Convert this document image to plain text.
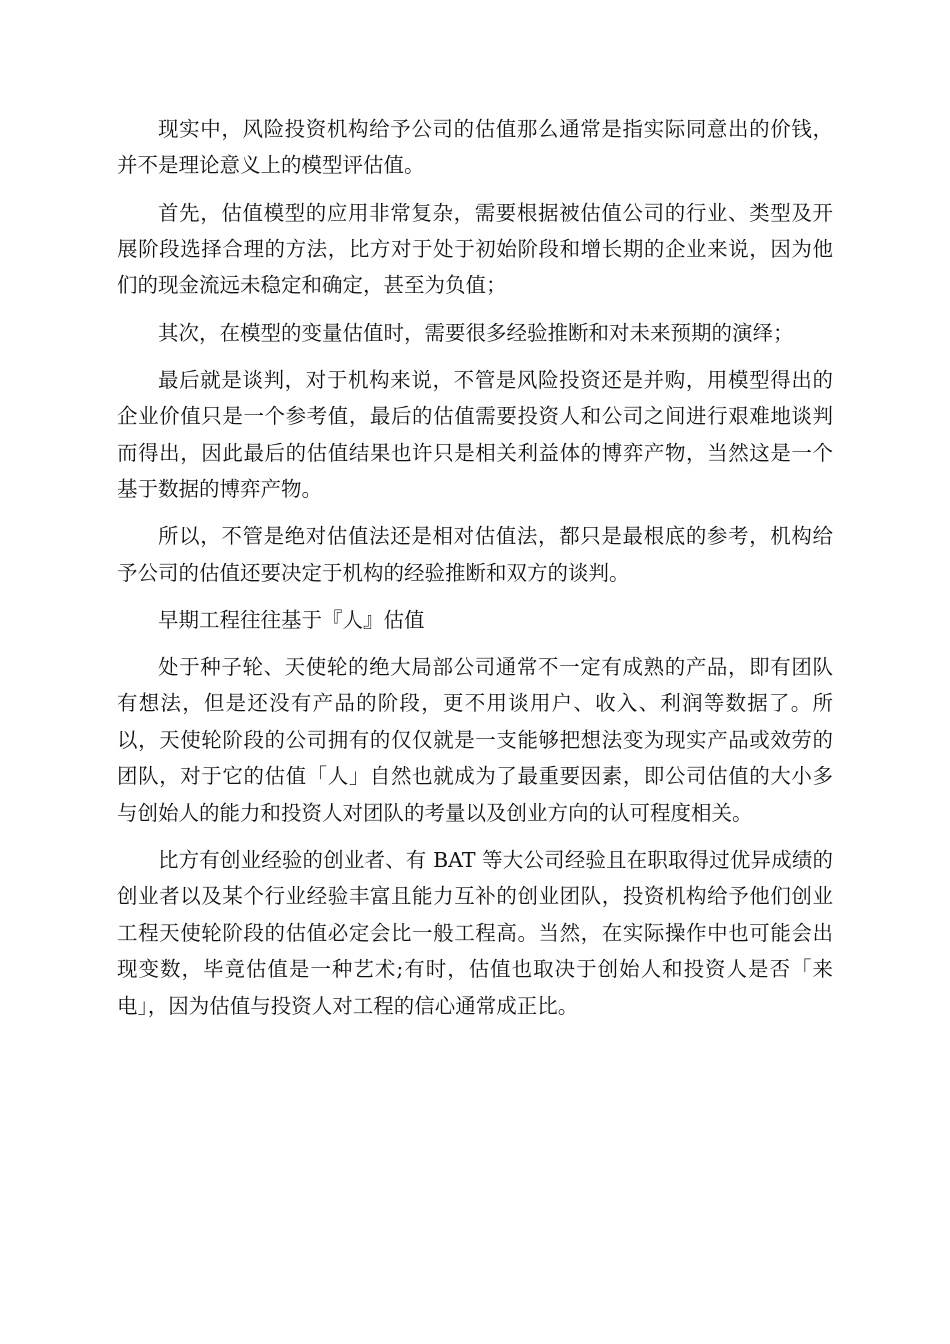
现实中，风险投资机构给予公司的估值那么通常是指实际同意出的价钱，并不是理论意义上的模型评估值。

首先，估值模型的应用非常复杂，需要根据被估值公司的行业、类型及开展阶段选择合理的方法，比方对于处于初始阶段和增长期的企业来说，因为他们的现金流远未稳定和确定，甚至为负值；

其次，在模型的变量估值时，需要很多经验推断和对未来预期的演绎；

最后就是谈判，对于机构来说，不管是风险投资还是并购，用模型得出的企业价值只是一个参考值，最后的估值需要投资人和公司之间进行艰难地谈判而得出，因此最后的估值结果也许只是相关利益体的博弈产物，当然这是一个基于数据的博弈产物。

所以，不管是绝对估值法还是相对估值法，都只是最根底的参考，机构给予公司的估值还要决定于机构的经验推断和双方的谈判。

早期工程往往基于『人』估值

处于种子轮、天使轮的绝大局部公司通常不一定有成熟的产品，即有团队有想法，但是还没有产品的阶段，更不用谈用户、收入、利润等数据了。所以，天使轮阶段的公司拥有的仅仅就是一支能够把想法变为现实产品或效劳的团队，对于它的估值「人」自然也就成为了最重要因素，即公司估值的大小多与创始人的能力和投资人对团队的考量以及创业方向的认可程度相关。

比方有创业经验的创业者、有 BAT 等大公司经验且在职取得过优异成绩的创业者以及某个行业经验丰富且能力互补的创业团队，投资机构给予他们创业工程天使轮阶段的估值必定会比一般工程高。当然，在实际操作中也可能会出现变数，毕竟估值是一种艺术;有时，估值也取决于创始人和投资人是否「来电」，因为估值与投资人对工程的信心通常成正比。
